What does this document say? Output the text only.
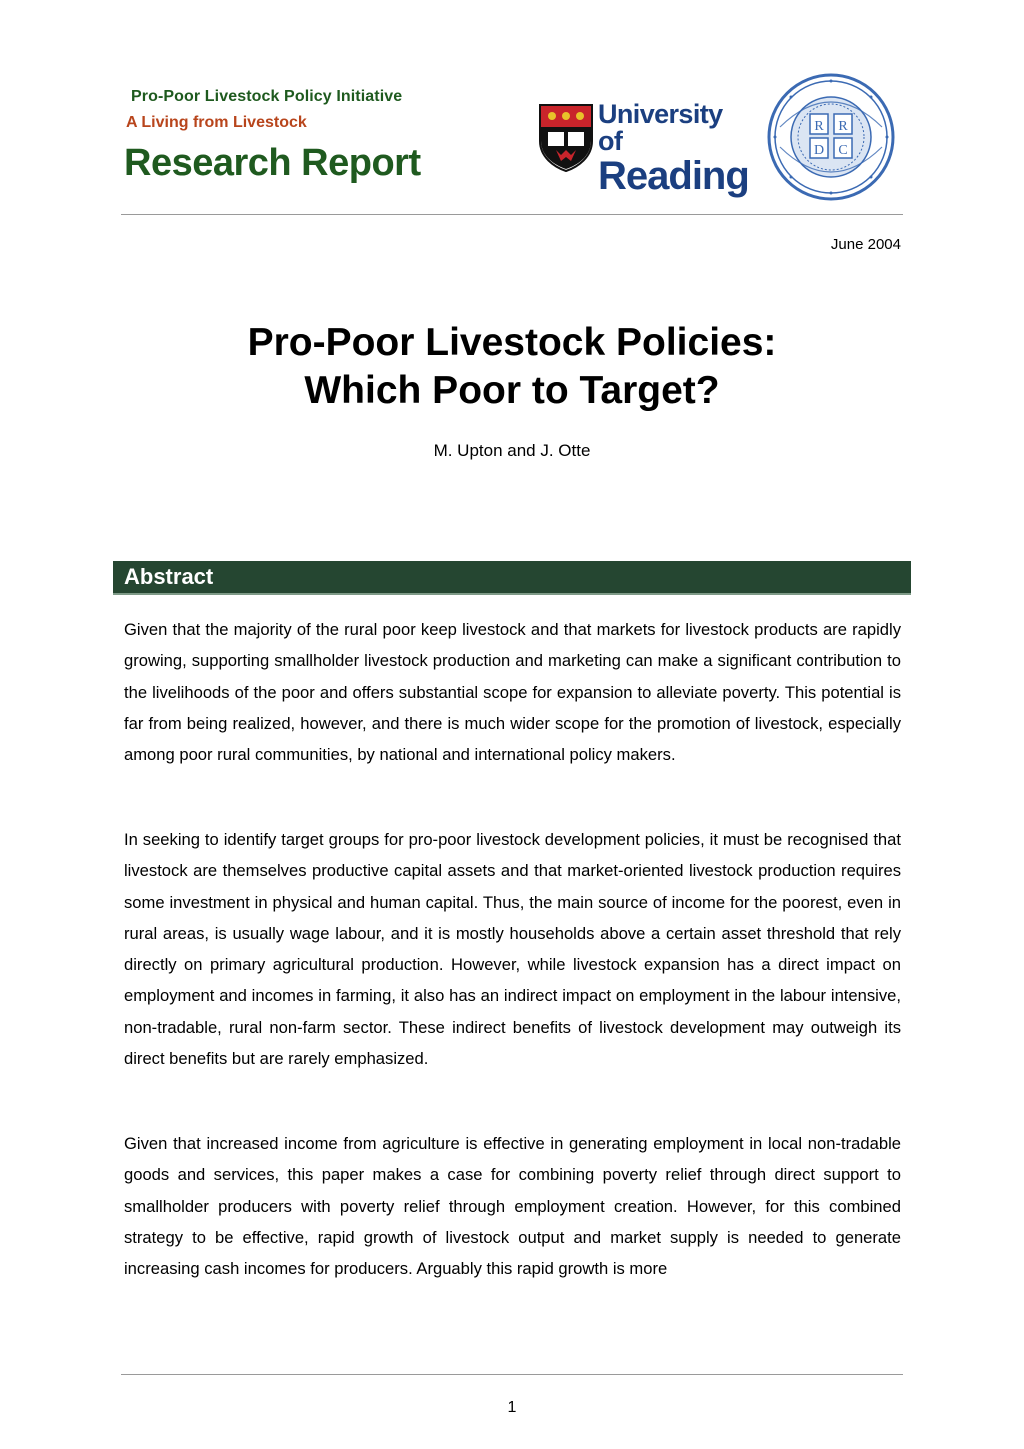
Pro-Poor Livestock Policy Initiative
A Living from Livestock
Research Report
University of
Reading
R R
D C
June 2004
Pro-Poor Livestock Policies:
Which Poor to Target?
M. Upton and J. Otte
Abstract

Given that the majority of the rural poor keep livestock and that markets for livestock products are rapidly growing, supporting smallholder livestock production and marketing can make a significant contribution to the livelihoods of the poor and offers substantial scope for expansion to alleviate poverty. This potential is far from being realized, however, and there is much wider scope for the promotion of livestock, especially among poor rural communities, by national and international policy makers.

In seeking to identify target groups for pro-poor livestock development policies, it must be recognised that livestock are themselves productive capital assets and that market-oriented livestock production requires some investment in physical and human capital. Thus, the main source of income for the poorest, even in rural areas, is usually wage labour, and it is mostly households above a certain asset threshold that rely directly on primary agricultural production. However, while livestock expansion has a direct impact on employment and incomes in farming, it also has an indirect impact on employment in the labour intensive, non-tradable, rural non-farm sector. These indirect benefits of livestock development may outweigh its direct benefits but are rarely emphasized.

Given that increased income from agriculture is effective in generating employment in local non-tradable goods and services, this paper makes a case for combining poverty relief through direct support to smallholder producers with poverty relief through employment creation. However, for this combined strategy to be effective, rapid growth of livestock output and market supply is needed to generate increasing cash incomes for producers. Arguably this rapid growth is more

1
